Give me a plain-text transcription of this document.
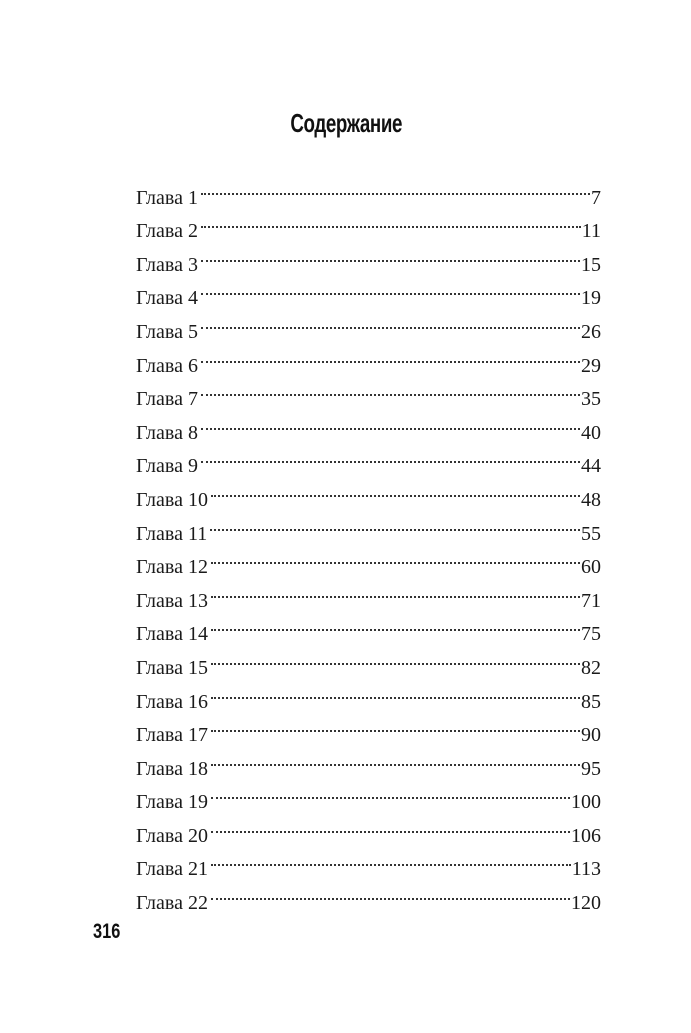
Содержание
Глава 1	7
Глава 2	11
Глава 3	15
Глава 4	19
Глава 5	26
Глава 6	29
Глава 7	35
Глава 8	40
Глава 9	44
Глава 10	48
Глава 11	55
Глава 12	60
Глава 13	71
Глава 14	75
Глава 15	82
Глава 16	85
Глава 17	90
Глава 18	95
Глава 19	100
Глава 20	106
Глава 21	113
Глава 22	120
316
